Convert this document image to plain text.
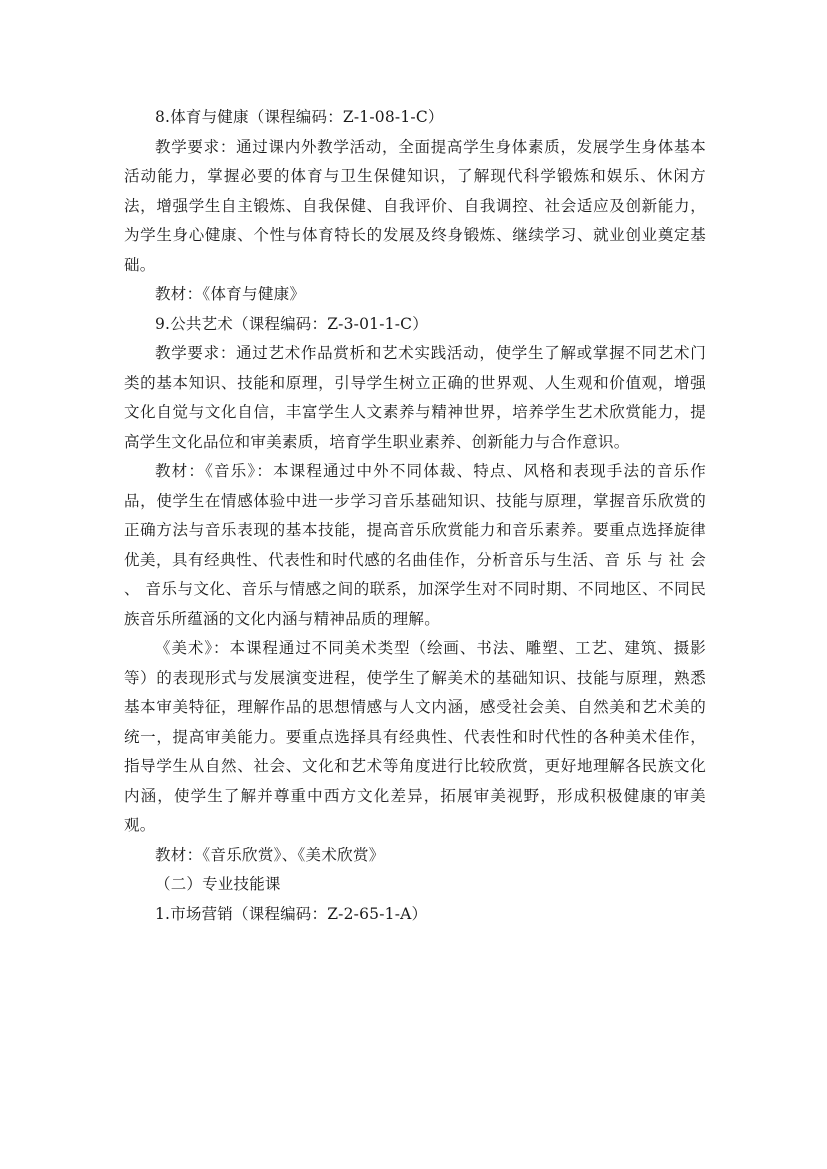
8.体育与健康（课程编码：Z-1-08-1-C）

教学要求：通过课内外教学活动，全面提高学生身体素质，发展学生身体基本活动能力，掌握必要的体育与卫生保健知识，了解现代科学锻炼和娱乐、休闲方法，增强学生自主锻炼、自我保健、自我评价、自我调控、社会适应及创新能力，为学生身心健康、个性与体育特长的发展及终身锻炼、继续学习、就业创业奠定基础。

教材：《体育与健康》

9.公共艺术（课程编码：Z-3-01-1-C）

教学要求：通过艺术作品赏析和艺术实践活动，使学生了解或掌握不同艺术门类的基本知识、技能和原理，引导学生树立正确的世界观、人生观和价值观，增强文化自觉与文化自信，丰富学生人文素养与精神世界，培养学生艺术欣赏能力，提高学生文化品位和审美素质，培育学生职业素养、创新能力与合作意识。

教材：《音乐》：本课程通过中外不同体裁、特点、风格和表现手法的音乐作品，使学生在情感体验中进一步学习音乐基础知识、技能与原理，掌握音乐欣赏的正确方法与音乐表现的基本技能，提高音乐欣赏能力和音乐素养。要重点选择旋律优美，具有经典性、代表性和时代感的名曲佳作，分析音乐与生活、音 乐 与 社 会 、 音乐与文化、音乐与情感之间的联系，加深学生对不同时期、不同地区、不同民族音乐所蕴涵的文化内涵与精神品质的理解。

《美术》：本课程通过不同美术类型（绘画、书法、雕塑、工艺、建筑、摄影等）的表现形式与发展演变进程，使学生了解美术的基础知识、技能与原理，熟悉基本审美特征，理解作品的思想情感与人文内涵，感受社会美、自然美和艺术美的统一，提高审美能力。要重点选择具有经典性、代表性和时代性的各种美术佳作，指导学生从自然、社会、文化和艺术等角度进行比较欣赏，更好地理解各民族文化内涵，使学生了解并尊重中西方文化差异，拓展审美视野，形成积极健康的审美观。

教材：《音乐欣赏》、《美术欣赏》

（二）专业技能课

1.市场营销（课程编码：Z-2-65-1-A）
